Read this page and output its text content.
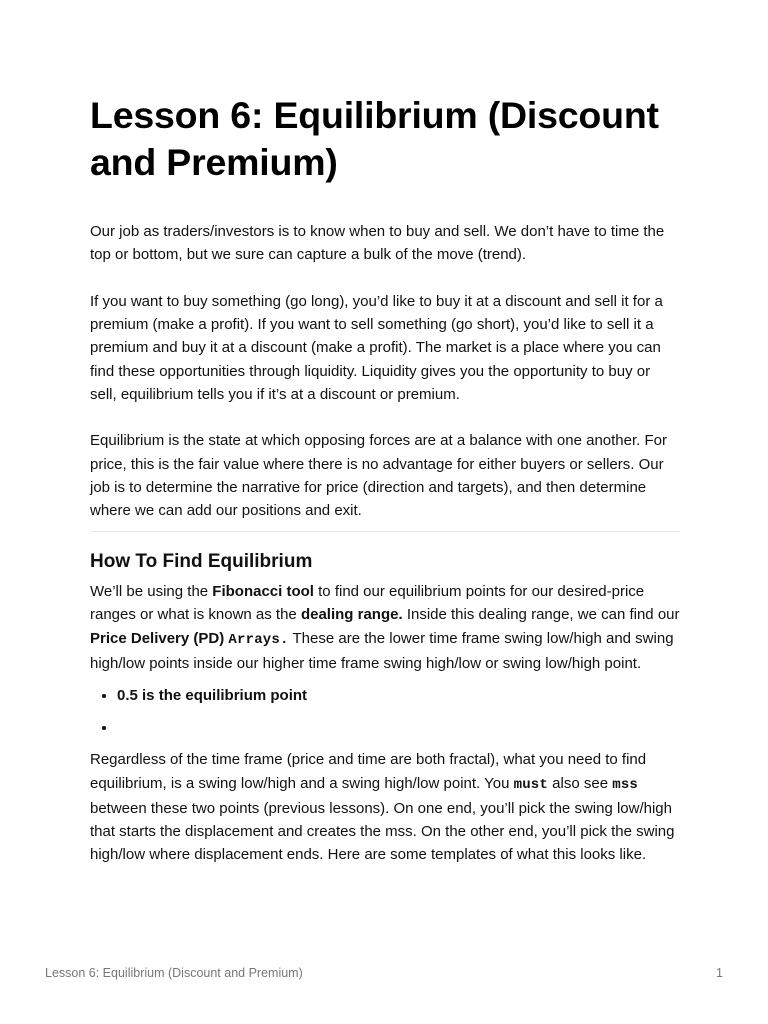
Lesson 6: Equilibrium (Discount and Premium)

Our job as traders/investors is to know when to buy and sell. We don’t have to time the top or bottom, but we sure can capture a bulk of the move (trend).

If you want to buy something (go long), you’d like to buy it at a discount and sell it for a premium (make a profit). If you want to sell something (go short), you’d like to sell it a premium and buy it at a discount (make a profit). The market is a place where you can find these opportunities through liquidity. Liquidity gives you the opportunity to buy or sell, equilibrium tells you if it’s at a discount or premium.

Equilibrium is the state at which opposing forces are at a balance with one another. For price, this is the fair value where there is no advantage for either buyers or sellers. Our job is to determine the narrative for price (direction and targets), and then determine where we can add our positions and exit.

How To Find Equilibrium

We’ll be using the Fibonacci tool to find our equilibrium points for our desired-price ranges or what is known as the dealing range. Inside this dealing range, we can find our Price Delivery (PD) Arrays. These are the lower time frame swing low/high and swing high/low points inside our higher time frame swing high/low or swing low/high point.

• 0.5 is the equilibrium point
•

Regardless of the time frame (price and time are both fractal), what you need to find equilibrium, is a swing low/high and a swing high/low point. You must also see mss between these two points (previous lessons). On one end, you’ll pick the swing low/high that starts the displacement and creates the mss. On the other end, you’ll pick the swing high/low where displacement ends. Here are some templates of what this looks like.

Lesson 6: Equilibrium (Discount and Premium)	1
